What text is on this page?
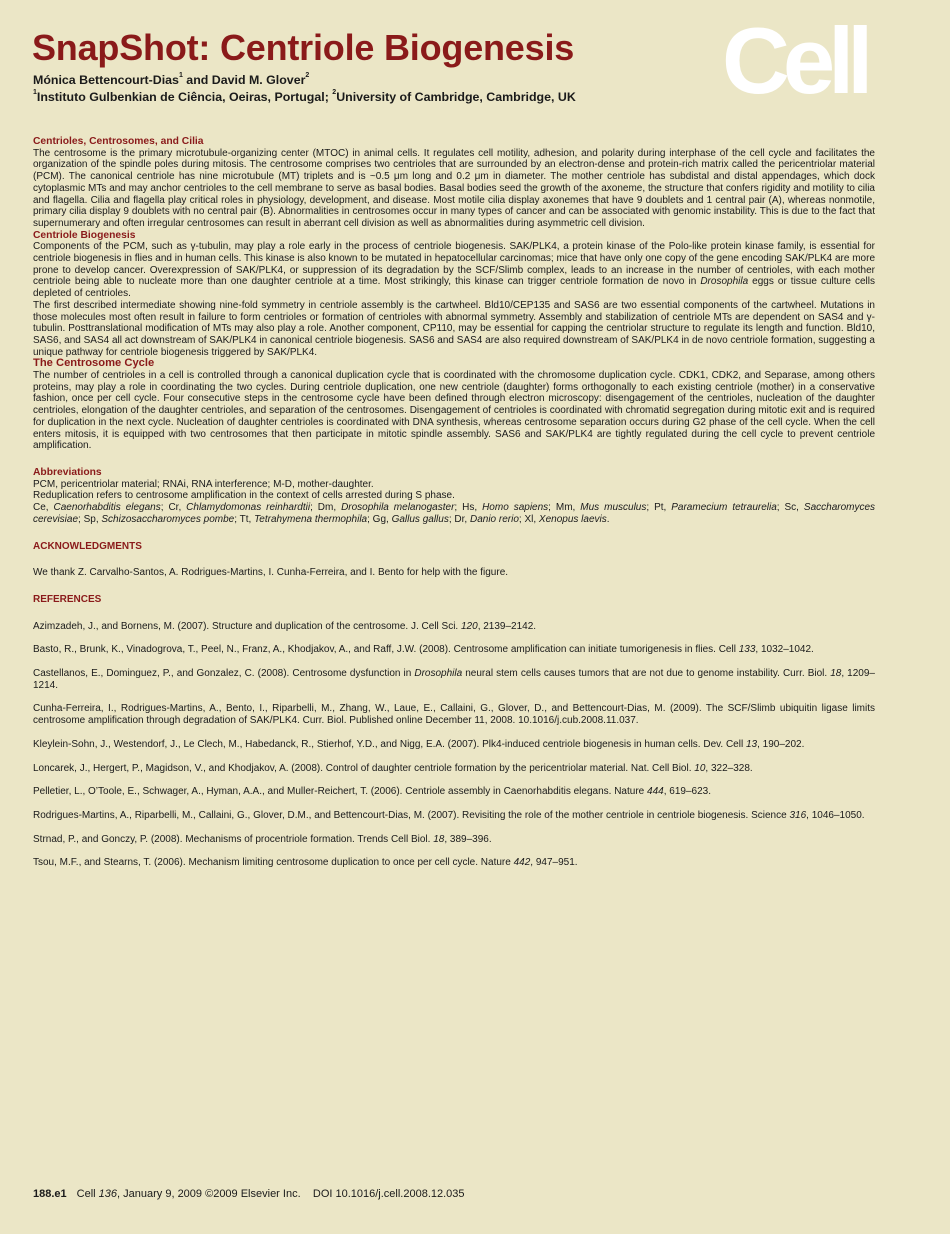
SnapShot: Centriole Biogenesis
Mónica Bettencourt-Dias$^1$ and David M. Glover$^2$
$^1$Instituto Gulbenkian de Ciência, Oeiras, Portugal; $^2$University of Cambridge, Cambridge, UK Cell
Centrioles, Centrosomes, and Cilia

The centrosome is the primary microtubule-organizing center (MTOC) in animal cells. It regulates cell motility, adhesion, and polarity during interphase of the cell cycle and facilitates the organization of the spindle poles during mitosis. The centrosome comprises two centrioles that are surrounded by an electron-dense and protein-rich matrix called the pericentriolar material (PCM). The canonical centriole has nine microtubule (MT) triplets and is ~0.5 μm long and 0.2 μm in diameter. The mother centriole has subdistal and distal appendages, which dock cytoplasmic MTs and may anchor centrioles to the cell membrane to serve as basal bodies. Basal bodies seed the growth of the axoneme, the structure that confers rigidity and motility to cilia and flagella. Cilia and flagella play critical roles in physiology, development, and disease. Most motile cilia display axonemes that have 9 doublets and 1 central pair (A), whereas nonmotile, primary cilia display 9 doublets with no central pair (B). Abnormalities in centrosomes occur in many types of cancer and can be associated with genomic instability. This is due to the fact that supernumerary and often irregular centrosomes can result in aberrant cell division as well as abnormalities during asymmetric cell division.

Centriole Biogenesis

Components of the PCM, such as γ-tubulin, may play a role early in the process of centriole biogenesis. SAK/PLK4, a protein kinase of the Polo-like protein kinase family, is essential for centriole biogenesis in flies and in human cells. This kinase is also known to be mutated in hepatocellular carcinomas; mice that have only one copy of the gene encoding SAK/PLK4 are more prone to develop cancer. Overexpression of SAK/PLK4, or suppression of its degradation by the SCF/Slimb complex, leads to an increase in the number of centrioles, with each mother centriole being able to nucleate more than one daughter centriole at a time. Most strikingly, this kinase can trigger centriole formation de novo in Drosophila eggs or tissue culture cells depleted of centrioles.

The first described intermediate showing nine-fold symmetry in centriole assembly is the cartwheel. Bld10/CEP135 and SAS6 are two essential components of the cartwheel. Mutations in those molecules most often result in failure to form centrioles or formation of centrioles with abnormal symmetry. Assembly and stabilization of centriole MTs are dependent on SAS4 and γ-tubulin. Posttranslational modification of MTs may also play a role. Another component, CP110, may be essential for capping the centriolar structure to regulate its length and function. Bld10, SAS6, and SAS4 all act downstream of SAK/PLK4 in canonical centriole biogenesis. SAS6 and SAS4 are also required downstream of SAK/PLK4 in de novo centriole formation, suggesting a unique pathway for centriole biogenesis triggered by SAK/PLK4.

The Centrosome Cycle

The number of centrioles in a cell is controlled through a canonical duplication cycle that is coordinated with the chromosome duplication cycle. CDK1, CDK2, and Separase, among others proteins, may play a role in coordinating the two cycles. During centriole duplication, one new centriole (daughter) forms orthogonally to each existing centriole (mother) in a conservative fashion, once per cell cycle. Four consecutive steps in the centrosome cycle have been defined through electron microscopy: disengagement of the centrioles, nucleation of the daughter centrioles, elongation of the daughter centrioles, and separation of the centrosomes. Disengagement of centrioles is coordinated with chromatid segregation during mitotic exit and is required for duplication in the next cycle. Nucleation of daughter centrioles is coordinated with DNA synthesis, whereas centrosome separation occurs during G2 phase of the cell cycle. When the cell enters mitosis, it is equipped with two centrosomes that then participate in mitotic spindle assembly. SAS6 and SAK/PLK4 are tightly regulated during the cell cycle to prevent centriole amplification.

Abbreviations

PCM, pericentriolar material; RNAi, RNA interference; M-D, mother-daughter.

Reduplication refers to centrosome amplification in the context of cells arrested during S phase.

Ce, Caenorhabditis elegans; Cr, Chlamydomonas reinhardtii; Dm, Drosophila melanogaster; Hs, Homo sapiens; Mm, Mus musculus; Pt, Paramecium tetraurelia; Sc, Saccharomyces cerevisiae; Sp, Schizosaccharomyces pombe; Tt, Tetrahymena thermophila; Gg, Gallus gallus; Dr, Danio rerio; Xl, Xenopus laevis.

ACKNOWLEDGMENTS

We thank Z. Carvalho-Santos, A. Rodrigues-Martins, I. Cunha-Ferreira, and I. Bento for help with the figure.

REFERENCES

Azimzadeh, J., and Bornens, M. (2007). Structure and duplication of the centrosome. J. Cell Sci. 120, 2139–2142.

Basto, R., Brunk, K., Vinadogrova, T., Peel, N., Franz, A., Khodjakov, A., and Raff, J.W. (2008). Centrosome amplification can initiate tumorigenesis in flies. Cell 133, 1032–1042.

Castellanos, E., Dominguez, P., and Gonzalez, C. (2008). Centrosome dysfunction in Drosophila neural stem cells causes tumors that are not due to genome instability. Curr. Biol. 18, 1209–1214.

Cunha-Ferreira, I., Rodrigues-Martins, A., Bento, I., Riparbelli, M., Zhang, W., Laue, E., Callaini, G., Glover, D., and Bettencourt-Dias, M. (2009). The SCF/Slimb ubiquitin ligase limits centrosome amplification through degradation of SAK/PLK4. Curr. Biol. Published online December 11, 2008. 10.1016/j.cub.2008.11.037.

Kleylein-Sohn, J., Westendorf, J., Le Clech, M., Habedanck, R., Stierhof, Y.D., and Nigg, E.A. (2007). Plk4-induced centriole biogenesis in human cells. Dev. Cell 13, 190–202.

Loncarek, J., Hergert, P., Magidson, V., and Khodjakov, A. (2008). Control of daughter centriole formation by the pericentriolar material. Nat. Cell Biol. 10, 322–328.

Pelletier, L., O’Toole, E., Schwager, A., Hyman, A.A., and Muller-Reichert, T. (2006). Centriole assembly in Caenorhabditis elegans. Nature 444, 619–623.

Rodrigues-Martins, A., Riparbelli, M., Callaini, G., Glover, D.M., and Bettencourt-Dias, M. (2007). Revisiting the role of the mother centriole in centriole biogenesis. Science 316, 1046–1050.

Strnad, P., and Gonczy, P. (2008). Mechanisms of procentriole formation. Trends Cell Biol. 18, 389–396.

Tsou, M.F., and Stearns, T. (2006). Mechanism limiting centrosome duplication to once per cell cycle. Nature 442, 947–951.

188.e1 Cell 136, January 9, 2009 ©2009 Elsevier Inc. DOI 10.1016/j.cell.2008.12.035
